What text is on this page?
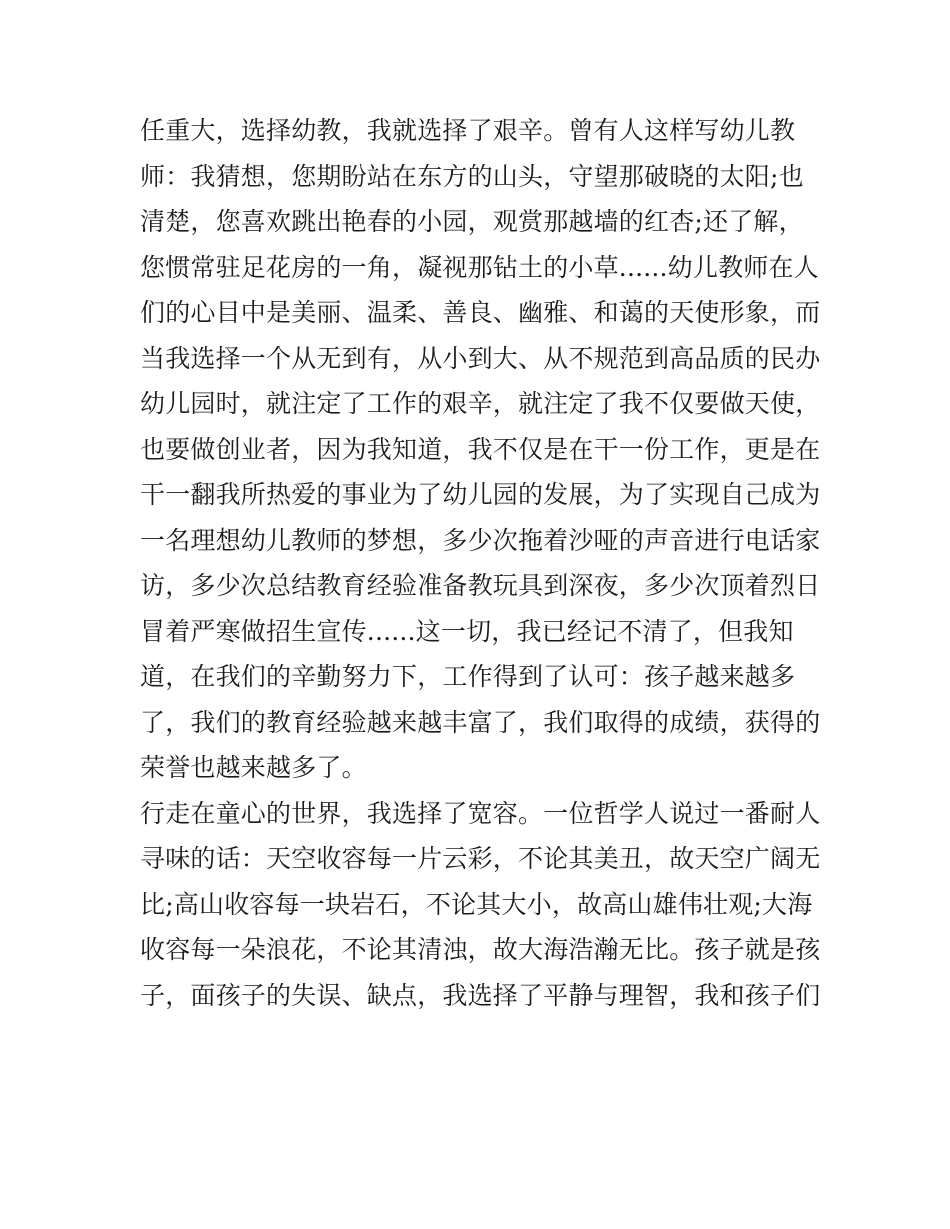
任重大，选择幼教，我就选择了艰辛。曾有人这样写幼儿教
师：我猜想，您期盼站在东方的山头，守望那破晓的太阳;也
清楚，您喜欢跳出艳春的小园，观赏那越墙的红杏;还了解，
您惯常驻足花房的一角，凝视那钻土的小草......幼儿教师在人
们的心目中是美丽、温柔、善良、幽雅、和蔼的天使形象，而
当我选择一个从无到有，从小到大、从不规范到高品质的民办
幼儿园时，就注定了工作的艰辛，就注定了我不仅要做天使，
也要做创业者，因为我知道，我不仅是在干一份工作，更是在
干一翻我所热爱的事业为了幼儿园的发展，为了实现自己成为
一名理想幼儿教师的梦想，多少次拖着沙哑的声音进行电话家
访，多少次总结教育经验准备教玩具到深夜，多少次顶着烈日
冒着严寒做招生宣传......这一切，我已经记不清了，但我知
道，在我们的辛勤努力下，工作得到了认可：孩子越来越多
了，我们的教育经验越来越丰富了，我们取得的成绩，获得的
荣誉也越来越多了。
行走在童心的世界，我选择了宽容。一位哲学人说过一番耐人
寻味的话：天空收容每一片云彩，不论其美丑，故天空广阔无
比;高山收容每一块岩石，不论其大小，故高山雄伟壮观;大海
收容每一朵浪花，不论其清浊，故大海浩瀚无比。孩子就是孩
子，面孩子的失误、缺点，我选择了平静与理智，我和孩子们
